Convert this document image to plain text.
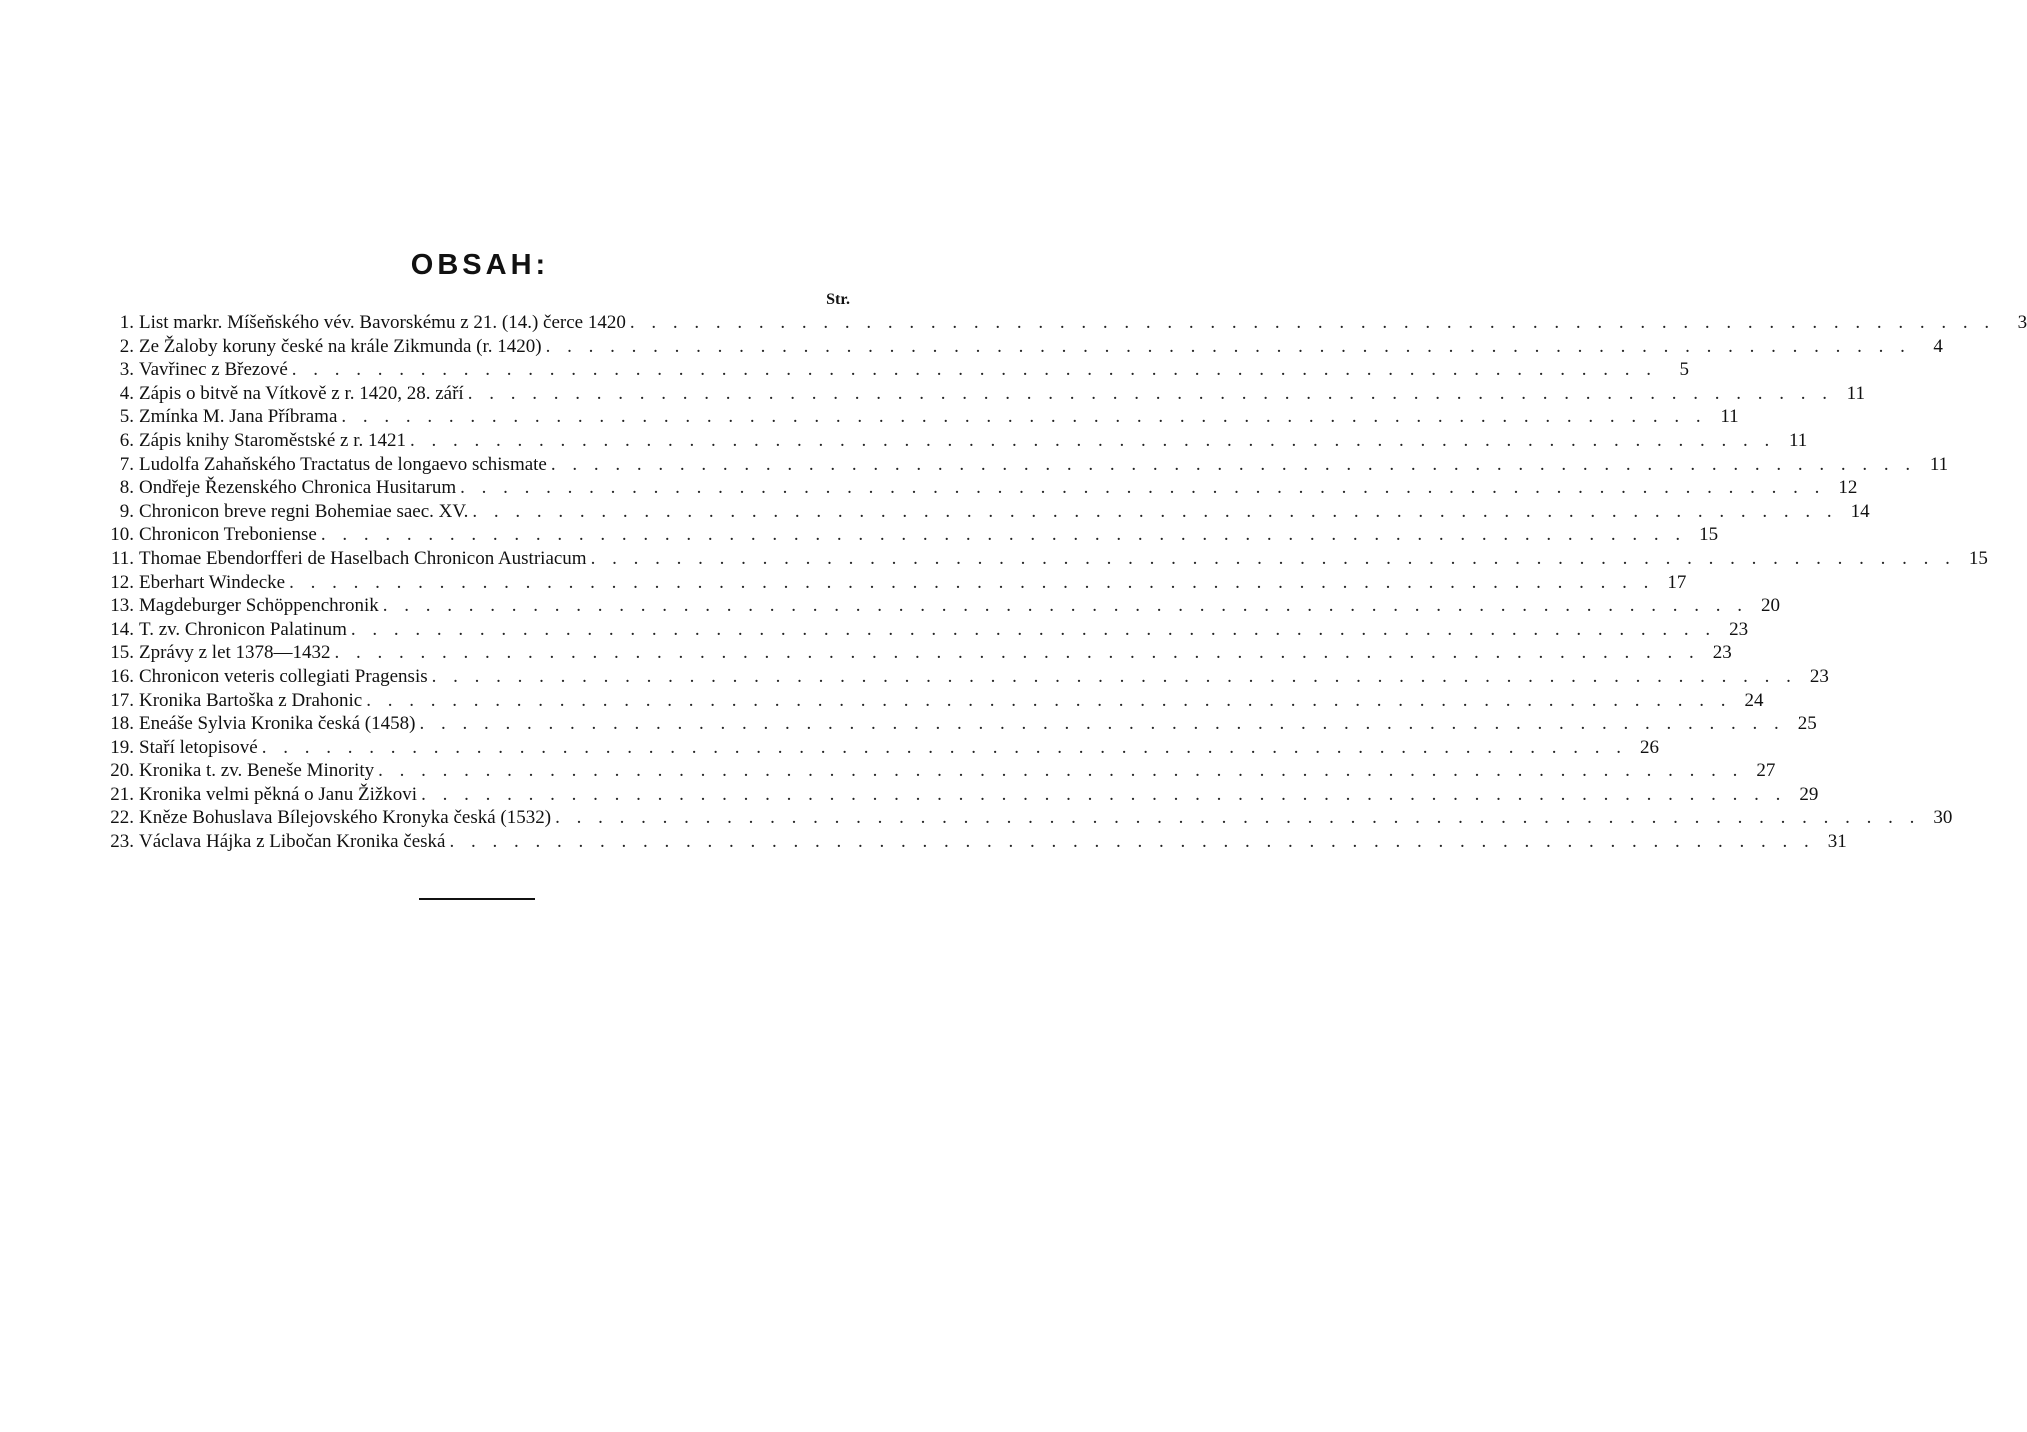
OBSAH:
Str.
1. List markr. Míšeňského vév. Bavorskému z 21. (14.) čerce 1420 . . . . . . . . . . . . . . . . . . . . . . . . . . . . . . . . . . . . . . . . . . . . . . . . . . . . . . . . . . . . . . . .	3
2. Ze Žaloby koruny české na krále Zikmunda (r. 1420) . . . . . . . . . . . . . . . . . . . . . . . . . . . . . . . . . . . . . . . . . . . . . . . . . . . . . . . . . . . . . . . .	4
3. Vavřinec z Březové . . . . . . . . . . . . . . . . . . . . . . . . . . . . . . . . . . . . . . . . . . . . . . . . . . . . . . . . . . . . . . . .	5
4. Zápis o bitvě na Vítkově z r. 1420, 28. září . . . . . . . . . . . . . . . . . . . . . . . . . . . . . . . . . . . . . . . . . . . . . . . . . . . . . . . . . . . . . . . . 11
5. Zmínka M. Jana Příbrama . . . . . . . . . . . . . . . . . . . . . . . . . . . . . . . . . . . . . . . . . . . . . . . . . . . . . . . . . . . . . . . . 11
6. Zápis knihy Staroměstské z r. 1421 . . . . . . . . . . . . . . . . . . . . . . . . . . . . . . . . . . . . . . . . . . . . . . . . . . . . . . . . . . . . . . . . 11
7. Ludolfa Zahaňského Tractatus de longaevo schismate . . . . . . . . . . . . . . . . . . . . . . . . . . . . . . . . . . . . . . . . . . . . . . . . . . . . . . . . . . . . . . . . 11
8. Ondřeje Řezenského Chronica Husitarum . . . . . . . . . . . . . . . . . . . . . . . . . . . . . . . . . . . . . . . . . . . . . . . . . . . . . . . . . . . . . . . . 12
9. Chronicon breve regni Bohemiae saec. XV. . . . . . . . . . . . . . . . . . . . . . . . . . . . . . . . . . . . . . . . . . . . . . . . . . . . . . . . . . . . . . . . . 14
10. Chronicon Treboniense . . . . . . . . . . . . . . . . . . . . . . . . . . . . . . . . . . . . . . . . . . . . . . . . . . . . . . . . . . . . . . . . 15
11. Thomae Ebendorfferi de Haselbach Chronicon Austriacum . . . . . . . . . . . . . . . . . . . . . . . . . . . . . . . . . . . . . . . . . . . . . . . . . . . . . . . . . . . . . . . . 15
12. Eberhart Windecke . . . . . . . . . . . . . . . . . . . . . . . . . . . . . . . . . . . . . . . . . . . . . . . . . . . . . . . . . . . . . . . . 17
13. Magdeburger Schöppenchronik . . . . . . . . . . . . . . . . . . . . . . . . . . . . . . . . . . . . . . . . . . . . . . . . . . . . . . . . . . . . . . . . 20
14. T. zv. Chronicon Palatinum . . . . . . . . . . . . . . . . . . . . . . . . . . . . . . . . . . . . . . . . . . . . . . . . . . . . . . . . . . . . . . . . 23
15. Zprávy z let 1378—1432 . . . . . . . . . . . . . . . . . . . . . . . . . . . . . . . . . . . . . . . . . . . . . . . . . . . . . . . . . . . . . . . . 23
16. Chronicon veteris collegiati Pragensis . . . . . . . . . . . . . . . . . . . . . . . . . . . . . . . . . . . . . . . . . . . . . . . . . . . . . . . . . . . . . . . . 23
17. Kronika Bartoška z Drahonic . . . . . . . . . . . . . . . . . . . . . . . . . . . . . . . . . . . . . . . . . . . . . . . . . . . . . . . . . . . . . . . . 24
18. Eneáše Sylvia Kronika česká (1458) . . . . . . . . . . . . . . . . . . . . . . . . . . . . . . . . . . . . . . . . . . . . . . . . . . . . . . . . . . . . . . . . 25
19. Staří letopisové . . . . . . . . . . . . . . . . . . . . . . . . . . . . . . . . . . . . . . . . . . . . . . . . . . . . . . . . . . . . . . . . 26
20. Kronika t. zv. Beneše Minority . . . . . . . . . . . . . . . . . . . . . . . . . . . . . . . . . . . . . . . . . . . . . . . . . . . . . . . . . . . . . . . . 27
21. Kronika velmi pěkná o Janu Žižkovi . . . . . . . . . . . . . . . . . . . . . . . . . . . . . . . . . . . . . . . . . . . . . . . . . . . . . . . . . . . . . . . . 29
22. Kněze Bohuslava Bílejovského Kronyka česká (1532) . . . . . . . . . . . . . . . . . . . . . . . . . . . . . . . . . . . . . . . . . . . . . . . . . . . . . . . . . . . . . . . . 30
23. Václava Hájka z Libočan Kronika česká . . . . . . . . . . . . . . . . . . . . . . . . . . . . . . . . . . . . . . . . . . . . . . . . . . . . . . . . . . . . . . . . 31
